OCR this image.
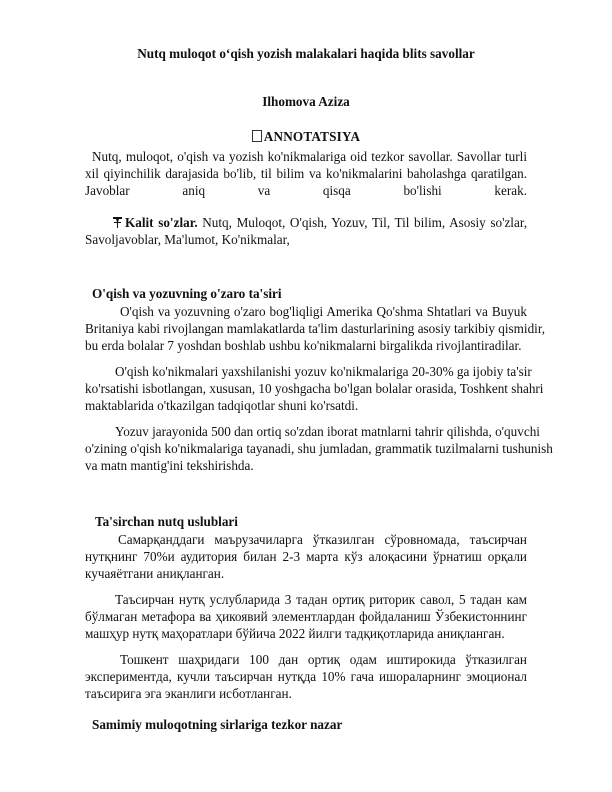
Nutq muloqot o‘qish yozish malakalari haqida blits savollar
Ilhomova Aziza
ANNOTATSIYA
Nutq, muloqot, o'qish va yozish ko'nikmalariga oid tezkor savollar. Savollar turli
xil qiyinchilik darajasida bo'lib, til bilim va ko'nikmalarini baholashga qaratilgan.
Javoblar aniq va qisqa bo'lishi kerak.
Kalit so'zlar. Nutq, Muloqot, O'qish, Yozuv, Til, Til bilim, Asosiy so'zlar,
Savoljavoblar, Ma'lumot, Ko'nikmalar,
O'qish va yozuvning o'zaro ta'siri
O'qish va yozuvning o'zaro bog'liqligi Amerika Qo'shma Shtatlari va Buyuk
Britaniya kabi rivojlangan mamlakatlarda ta'lim dasturlarining asosiy tarkibiy qismidir,
bu erda bolalar 7 yoshdan boshlab ushbu ko'nikmalarni birgalikda rivojlantiradilar.
O'qish ko'nikmalari yaxshilanishi yozuv ko'nikmalariga 20-30% ga ijobiy ta'sir
ko'rsatishi isbotlangan, xususan, 10 yoshgacha bo'lgan bolalar orasida, Toshkent shahri
maktablarida o'tkazilgan tadqiqotlar shuni ko'rsatdi.
Yozuv jarayonida 500 dan ortiq so'zdan iborat matnlarni tahrir qilishda, o'quvchi
o'zining o'qish ko'nikmalariga tayanadi, shu jumladan, grammatik tuzilmalarni tushunish
va matn mantig'ini tekshirishda.
Ta'sirchan nutq uslublari
Самарқанддаги маърузачиларга ўтказилган сўровномада, таъсирчан
нутқнинг 70%и аудитория билан 2-3 марта кўз алоқасини ўрнатиш орқали
кучаяётгани аниқланган.
Таъсирчан нутқ услубларида 3 тадан ортиқ риторик савол, 5 тадан кам
бўлмаган метафора ва ҳикоявий элементлардан фойдаланиш Ўзбекистоннинг
машҳур нутқ маҳоратлари бўйича 2022 йилги тадқиқотларида аниқланган.
Тошкент шаҳридаги 100 дан ортиқ одам иштирокида ўтказилган
экспериментда, кучли таъсирчан нутқда 10% гача ишораларнинг эмоционал
таъсирига эга эканлиги исботланган.
Samimiy muloqotning sirlariga tezkor nazar
